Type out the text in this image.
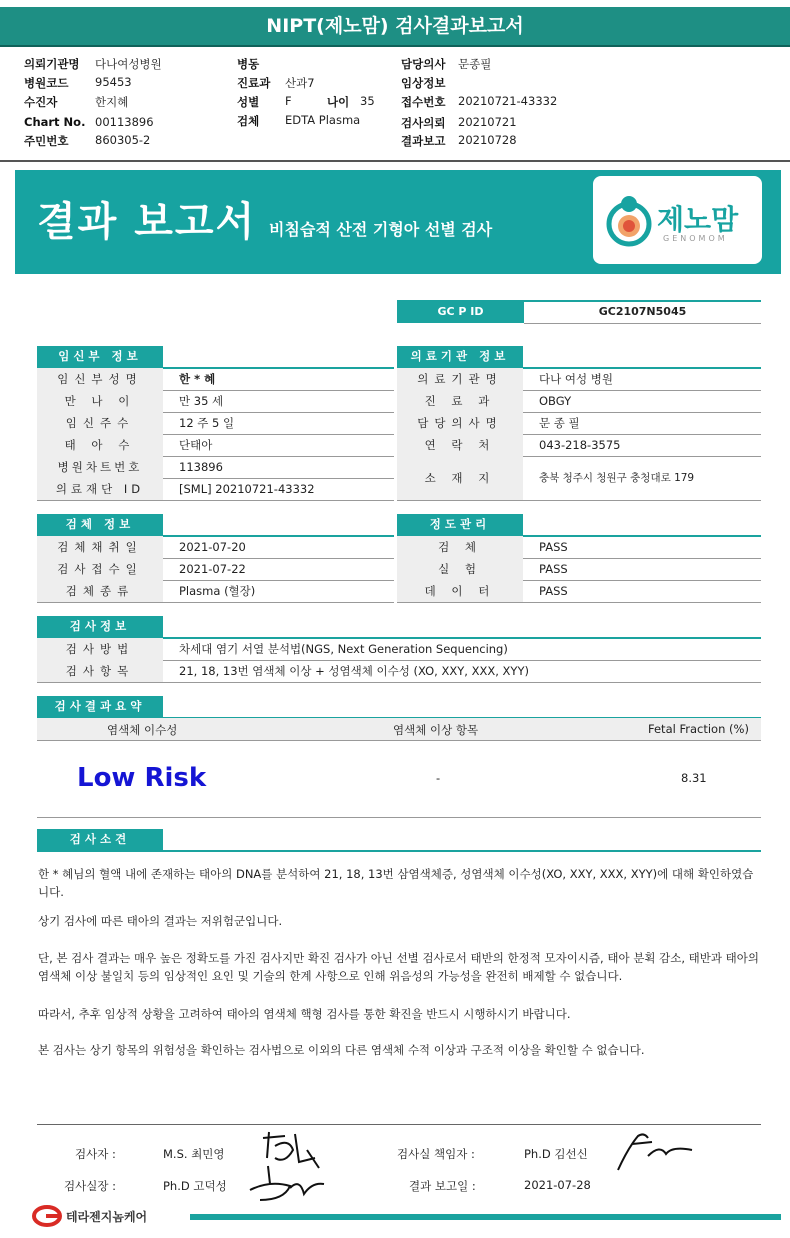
NIPT(제노맘) 검사결과보고서
의뢰기관명 다나여성병원
병원코드 95453
수진자	한지혜
Chart No. 00113896
주민번호 860305-2
병동
진료과 산과7
성별 F	나이 35
검체 EDTA Plasma
담당의사 문종필
임상정보
접수번호 20210721-43332
검사의뢰 20210721
결과보고 20210728
결과 보고서 비침습적 산전 기형아 선별 검사	제노맘
GENOMOM
GC P ID	GC2107N5045
임신부 정보
임신부성명	한 * 혜
만 나 이	만 35 세
임신주수	12 주 5 일
태 아 수	단태아
병원차트번호	113896
의료재단 ID	[SML] 20210721-43332
의료기관 정보
의료기관명	다나 여성 병원
진 료 과	OBGY
담당의사명	문 종 필
연 락 처	043-218-3575
소 재 지	충북 청주시 청원구 충청대로 179
검체 정보
검체채취일	2021-07-20
검사접수일	2021-07-22
검체종류	Plasma (혈장)
정도관리
검 체	PASS
실 험	PASS
데 이 터	PASS
검사정보
검사방법	차세대 염기 서열 분석법(NGS, Next Generation Sequencing)
검사항목	21, 18, 13번 염색체 이상 + 성염색체 이수성 (XO, XXY, XXX, XYY)
검사결과요약
염색체 이수성	염색체 이상 항목	Fetal Fraction (%)
Low Risk	-	8.31
검사소견
한 * 혜님의 혈액 내에 존재하는 태아의 DNA를 분석하여 21, 18, 13번 삼염색체증, 성염색체 이수성(XO, XXY, XXX, XYY)에 대해 확인하였습니다.
상기 검사에 따른 태아의 결과는 저위험군입니다.
단, 본 검사 결과는 매우 높은 정확도를 가진 검사지만 확진 검사가 아닌 선별 검사로서 태반의 한정적 모자이시즘, 태아 분획 감소, 태반과 태아의 염색체 이상 불일치 등의 임상적인 요인 및 기술의 한계 사항으로 인해 위음성의 가능성을 완전히 배제할 수 없습니다.
따라서, 추후 임상적 상황을 고려하여 태아의 염색체 핵형 검사를 통한 확진을 반드시 시행하시기 바랍니다.
본 검사는 상기 항목의 위험성을 확인하는 검사법으로 이외의 다른 염색체 수적 이상과 구조적 이상을 확인할 수 없습니다.
검사자 :	M.S. 최민영	검사실 책임자 :	Ph.D 김선신
검사실장 :	Ph.D 고덕성	결과 보고일 :	2021-07-28
테라젠지놈케어
